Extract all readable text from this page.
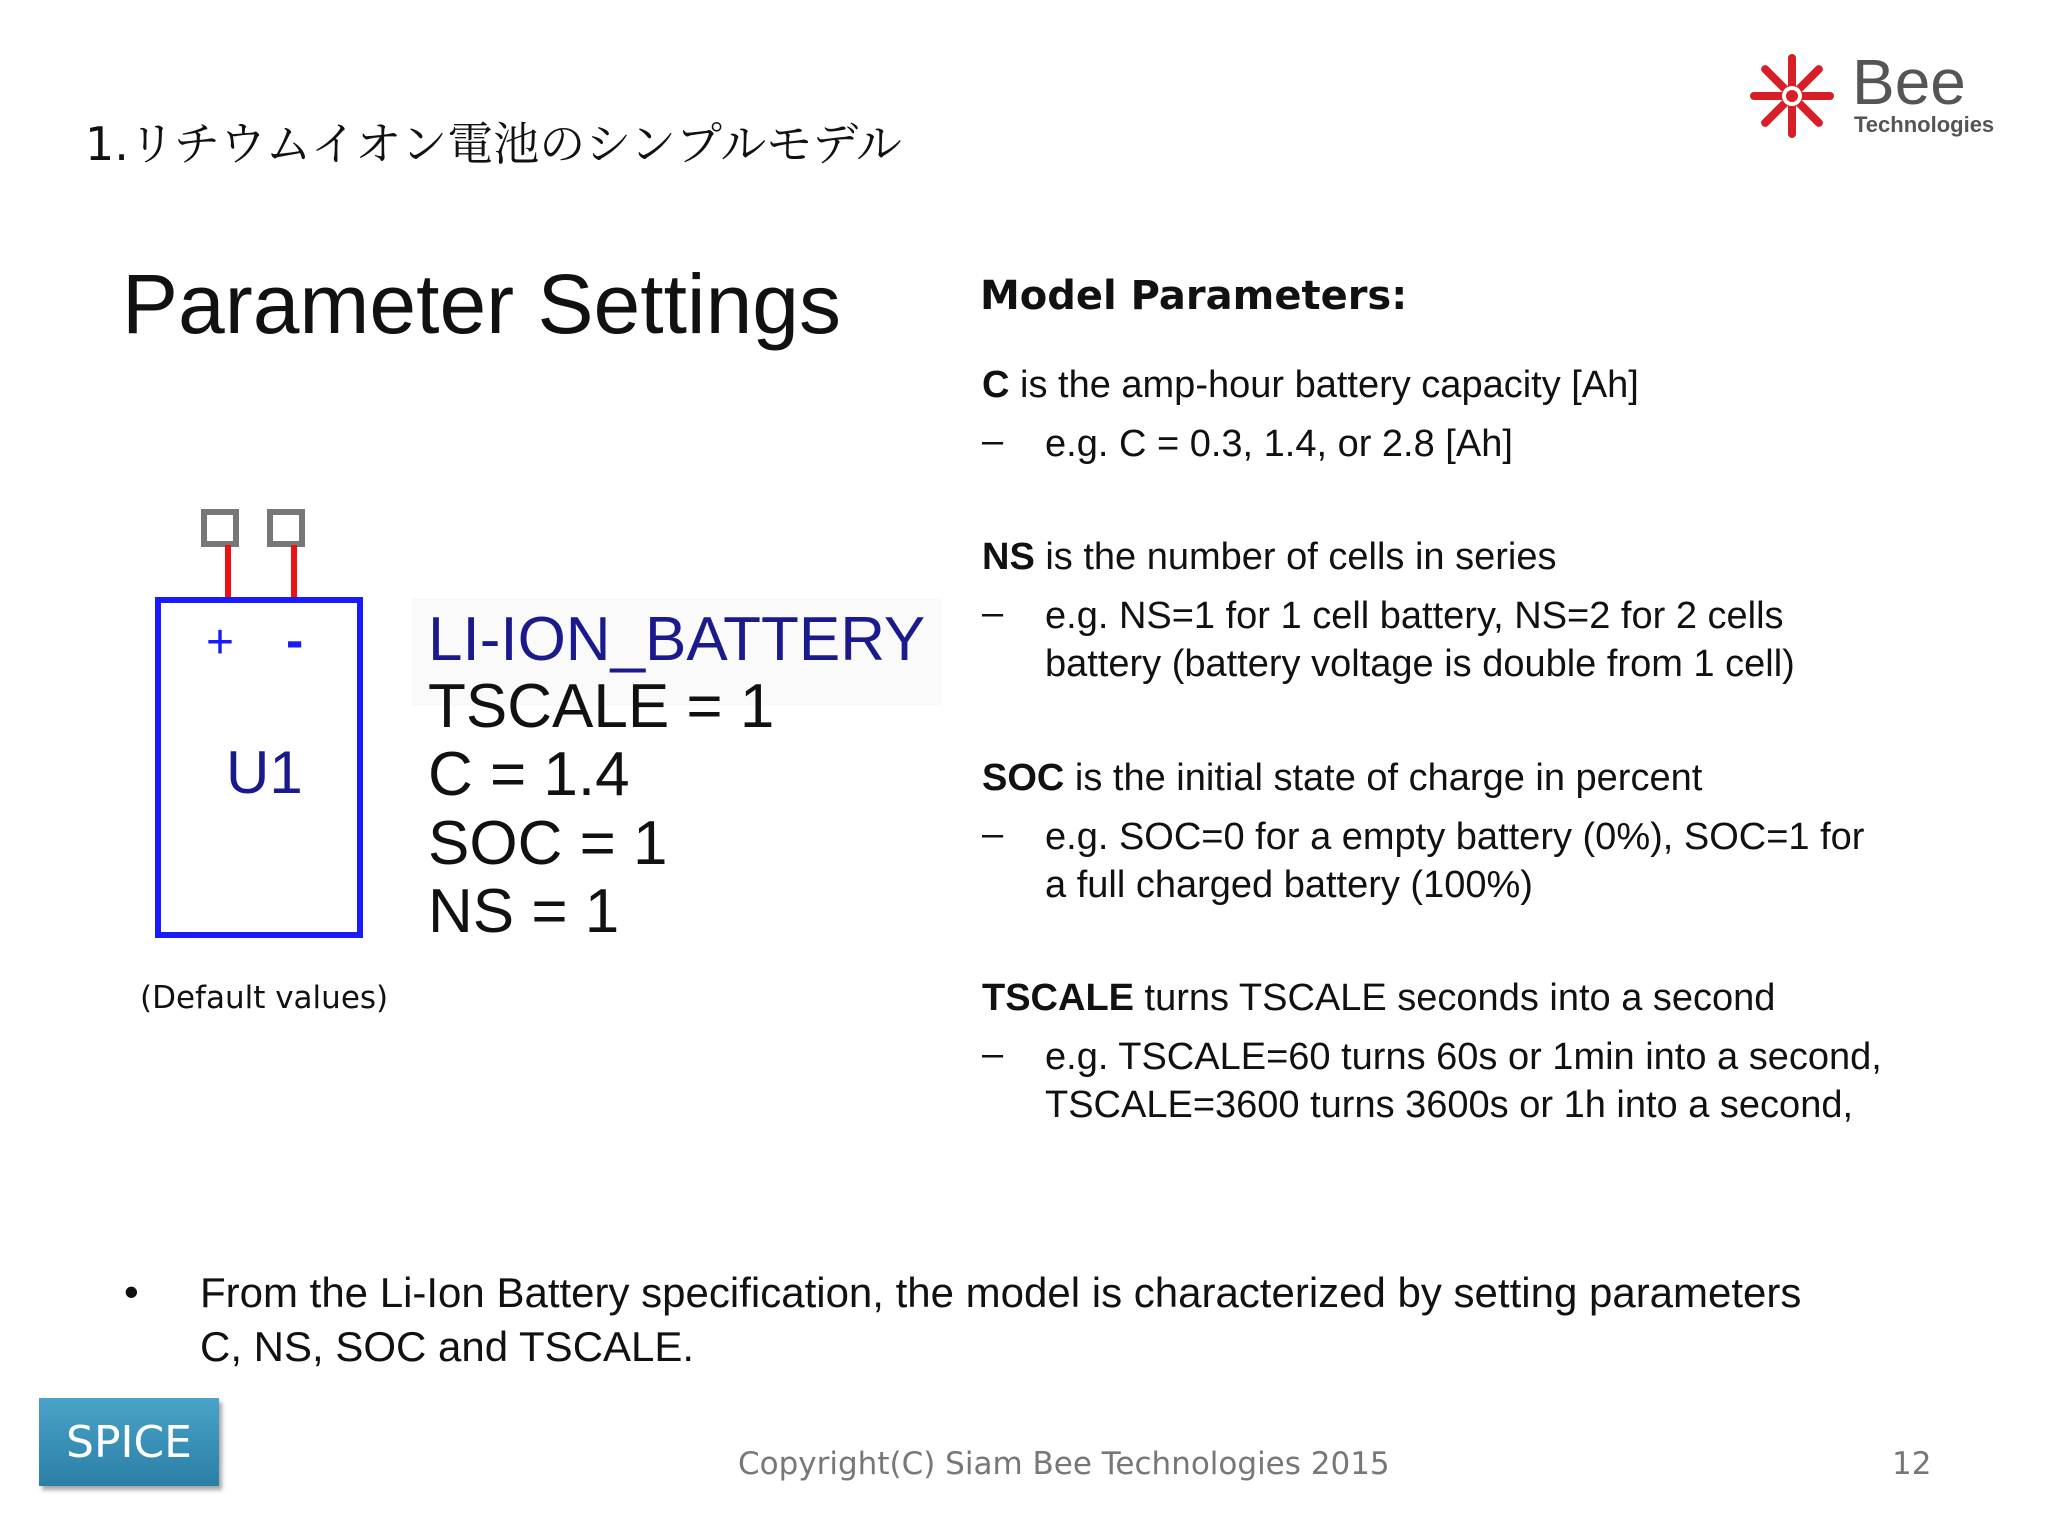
1.リチウムイオン電池のシンプルモデル
Bee
Technologies
Parameter Settings
+ -
U1
LI-ION_BATTERY
TSCALE = 1
C = 1.4
SOC = 1
NS = 1
(Default values)
Model Parameters:
C is the amp-hour battery capacity [Ah]
– e.g. C = 0.3, 1.4, or 2.8 [Ah]
NS is the number of cells in series
– e.g. NS=1 for 1 cell battery, NS=2 for 2 cells
battery (battery voltage is double from 1 cell)
SOC is the initial state of charge in percent
– e.g. SOC=0 for a empty battery (0%), SOC=1 for
a full charged battery (100%)
TSCALE turns TSCALE seconds into a second
– e.g. TSCALE=60 turns 60s or 1min into a second,
TSCALE=3600 turns 3600s or 1h into a second,
• From the Li-Ion Battery specification, the model is characterized by setting parameters
C, NS, SOC and TSCALE.
SPICE	Copyright(C) Siam Bee Technologies 2015	12
